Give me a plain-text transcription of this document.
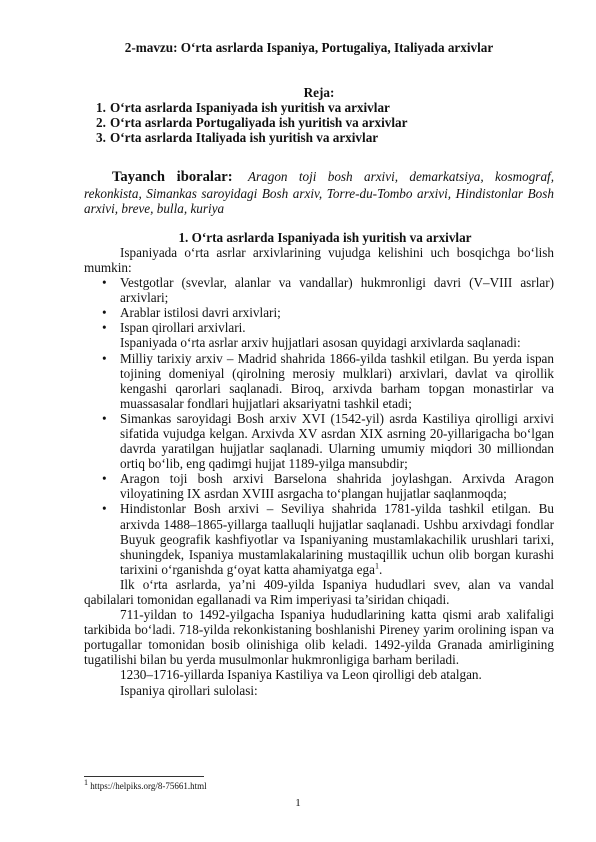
2-mavzu: O‘rta asrlarda Ispaniya, Portugaliya, Italiyada arxivlar
Reja:
1. O‘rta asrlarda Ispaniyada ish yuritish va arxivlar
2. O‘rta asrlarda Portugaliyada ish yuritish va arxivlar
3. O‘rta asrlarda Italiyada ish yuritish va arxivlar

Tayanch iboralar: Aragon toji bosh arxivi, demarkatsiya, kosmograf, rekonkista, Simankas saroyidagi Bosh arxiv, Torre-du-Tombo arxivi, Hindistonlar Bosh arxivi, breve, bulla, kuriya

1. O‘rta asrlarda Ispaniyada ish yuritish va arxivlar

Ispaniyada o‘rta asrlar arxivlarining vujudga kelishini uch bosqichga bo‘lish mumkin:

• Vestgotlar (svevlar, alanlar va vandallar) hukmronligi davri (V–VIII asrlar) arxivlari;
• Arablar istilosi davri arxivlari;
• Ispan qirollari arxivlari.

Ispaniyada o‘rta asrlar arxiv hujjatlari asosan quyidagi arxivlarda saqlanadi:

• Milliy tarixiy arxiv – Madrid shahrida 1866-yilda tashkil etilgan. Bu yerda ispan tojining domeniyal (qirolning merosiy mulklari) arxivlari, davlat va qirollik kengashi qarorlari saqlanadi. Biroq, arxivda barham topgan monastirlar va muassasalar fondlari hujjatlari aksariyatni tashkil etadi;
• Simankas saroyidagi Bosh arxiv XVI (1542-yil) asrda Kastiliya qirolligi arxivi sifatida vujudga kelgan. Arxivda XV asrdan XIX asrning 20-yillarigacha bo‘lgan davrda yaratilgan hujjatlar saqlanadi. Ularning umumiy miqdori 30 milliondan ortiq bo‘lib, eng qadimgi hujjat 1189-yilga mansubdir;
• Aragon toji bosh arxivi Barselona shahrida joylashgan. Arxivda Aragon viloyatining IX asrdan XVIII asrgacha to‘plangan hujjatlar saqlanmoqda;
• Hindistonlar Bosh arxivi – Seviliya shahrida 1781-yilda tashkil etilgan. Bu arxivda 1488–1865-yillarga taalluqli hujjatlar saqlanadi. Ushbu arxivdagi fondlar Buyuk geografik kashfiyotlar va Ispaniyaning mustamlakachilik urushlari tarixi, shuningdek, Ispaniya mustamlakalarining mustaqillik uchun olib borgan kurashi tarixini o‘rganishda g‘oyat katta ahamiyatga ega$^1$.

Ilk o‘rta asrlarda, ya’ni 409-yilda Ispaniya hududlari svev, alan va vandal qabilalari tomonidan egallanadi va Rim imperiyasi ta’siridan chiqadi.

711-yildan to 1492-yilgacha Ispaniya hududlarining katta qismi arab xalifaligi tarkibida bo‘ladi. 718-yilda rekonkistaning boshlanishi Pireney yarim orolining ispan va portugallar tomonidan bosib olinishiga olib keladi. 1492-yilda Granada amirligining tugatilishi bilan bu yerda musulmonlar hukmronligiga barham beriladi.

1230–1716-yillarda Ispaniya Kastiliya va Leon qirolligi deb atalgan.

Ispaniya qirollari sulolasi:

$^1$ https://helpiks.org/8-75661.html
1
